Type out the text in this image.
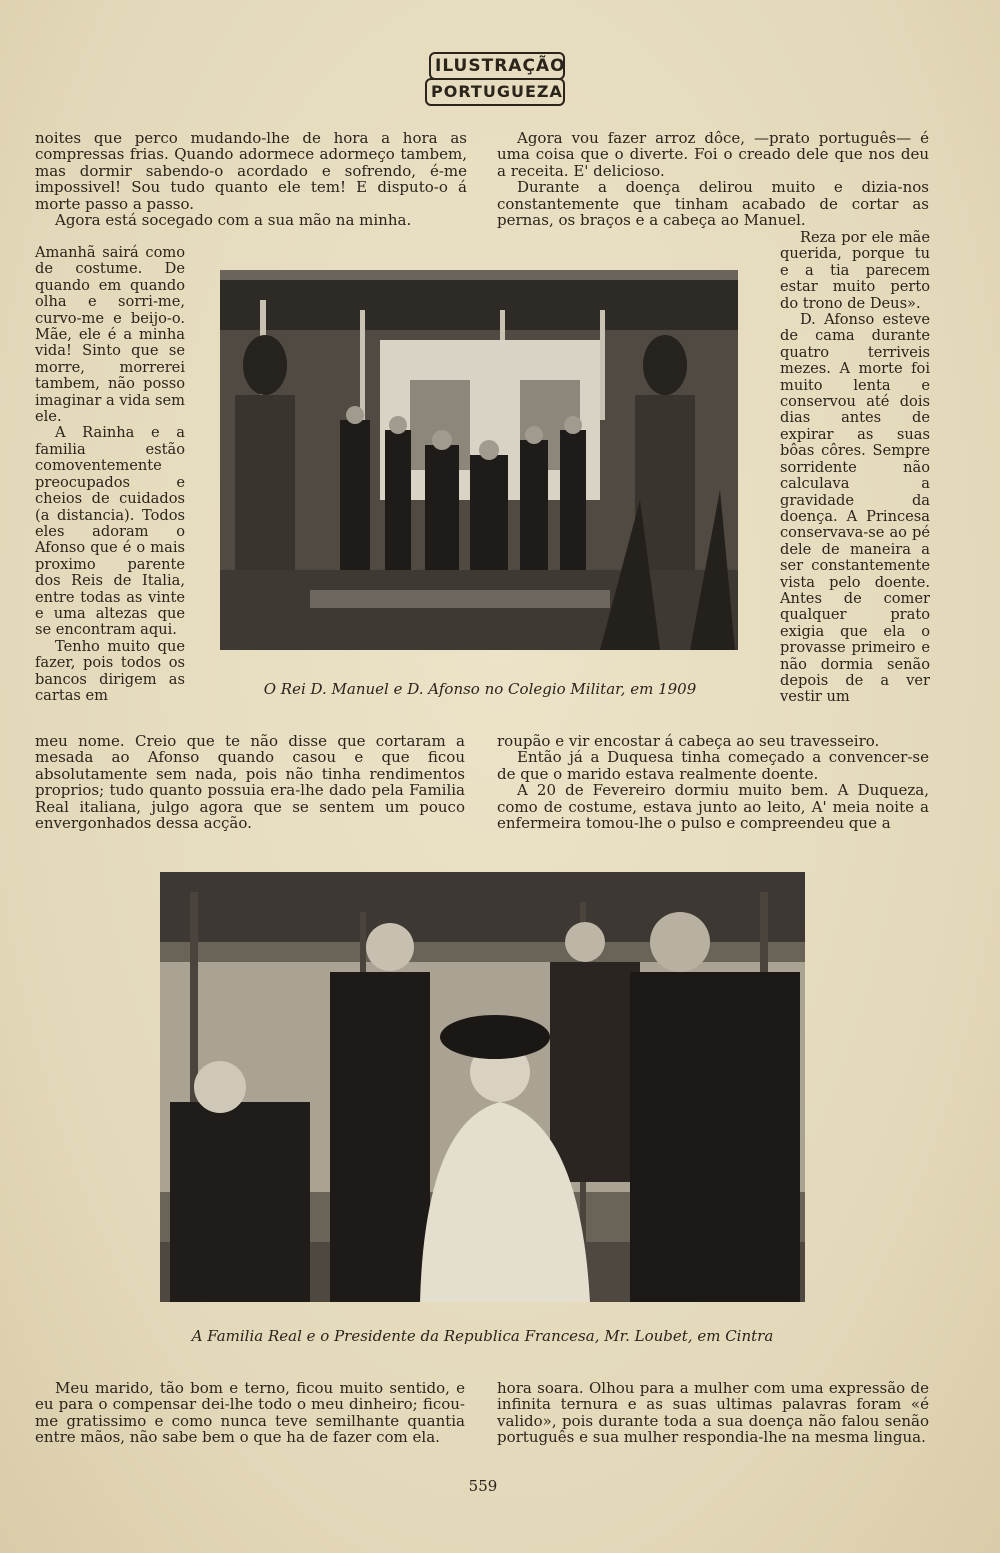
ILUSTRAÇÃO
PORTUGUEZA

noites que perco mudando-lhe de hora a hora as compressas frias. Quando adormece adormeço tambem, mas dormir sabendo-o acordado e sofrendo, é-me impossivel! Sou tudo quanto ele tem! E disputo-o á morte passo a passo.

Agora está socegado com a sua mão na minha.

Amanhã sairá como de costume. De quando em quando olha e sorri-me, curvo-me e beijo-o. Mãe, ele é a minha vida! Sinto que se morre, morrerei tambem, não posso imaginar a vida sem ele.

A Rainha e a familia estão comoventemente preocupados e cheios de cuidados (a distancia). Todos eles adoram o Afonso que é o mais proximo parente dos Reis de Italia, entre todas as vinte e uma altezas que se encontram aqui.

Tenho muito que fazer, pois todos os bancos dirigem as cartas em

meu nome. Creio que te não disse que cortaram a mesada ao Afonso quando casou e que ficou absolutamente sem nada, pois não tinha rendimentos proprios; tudo quanto possuia era-lhe dado pela Familia Real italiana, julgo agora que se sentem um pouco envergonhados dessa acção.

Agora vou fazer arroz dôce, —prato português— é uma coisa que o diverte. Foi o creado dele que nos deu a receita. E' delicioso.

Durante a doença delirou muito e dizia-nos constantemente que tinham acabado de cortar as pernas, os braços e a cabeça ao Manuel.

Reza por ele mãe querida, porque tu e a tia parecem estar muito perto do trono de Deus».

D. Afonso esteve de cama durante quatro terriveis mezes. A morte foi muito lenta e conservou até dois dias antes de expirar as suas bôas côres. Sempre sorridente não calculava a gravidade da doença. A Princesa conservava-se ao pé dele de maneira a ser constantemente vista pelo doente. Antes de comer qualquer prato exigia que ela o provasse primeiro e não dormia senão depois de a ver vestir um

roupão e vir encostar á cabeça ao seu travesseiro.

Então já a Duquesa tinha começado a convencer-se de que o marido estava realmente doente.

A 20 de Fevereiro dormiu muito bem. A Duqueza, como de costume, estava junto ao leito, A' meia noite a enfermeira tomou-lhe o pulso e compreendeu que a

O Rei D. Manuel e D. Afonso no Colegio Militar, em 1909
A Familia Real e o Presidente da Republica Francesa, Mr. Loubet, em Cintra

Meu marido, tão bom e terno, ficou muito sentido, e eu para o compensar dei-lhe todo o meu dinheiro; ficou-me gratissimo e como nunca teve semilhante quantia entre mãos, não sabe bem o que ha de fazer com ela.

hora soara. Olhou para a mulher com uma expressão de infinita ternura e as suas ultimas palavras foram «é valido», pois durante toda a sua doença não falou senão português e sua mulher respondia-lhe na mesma lingua.

559
